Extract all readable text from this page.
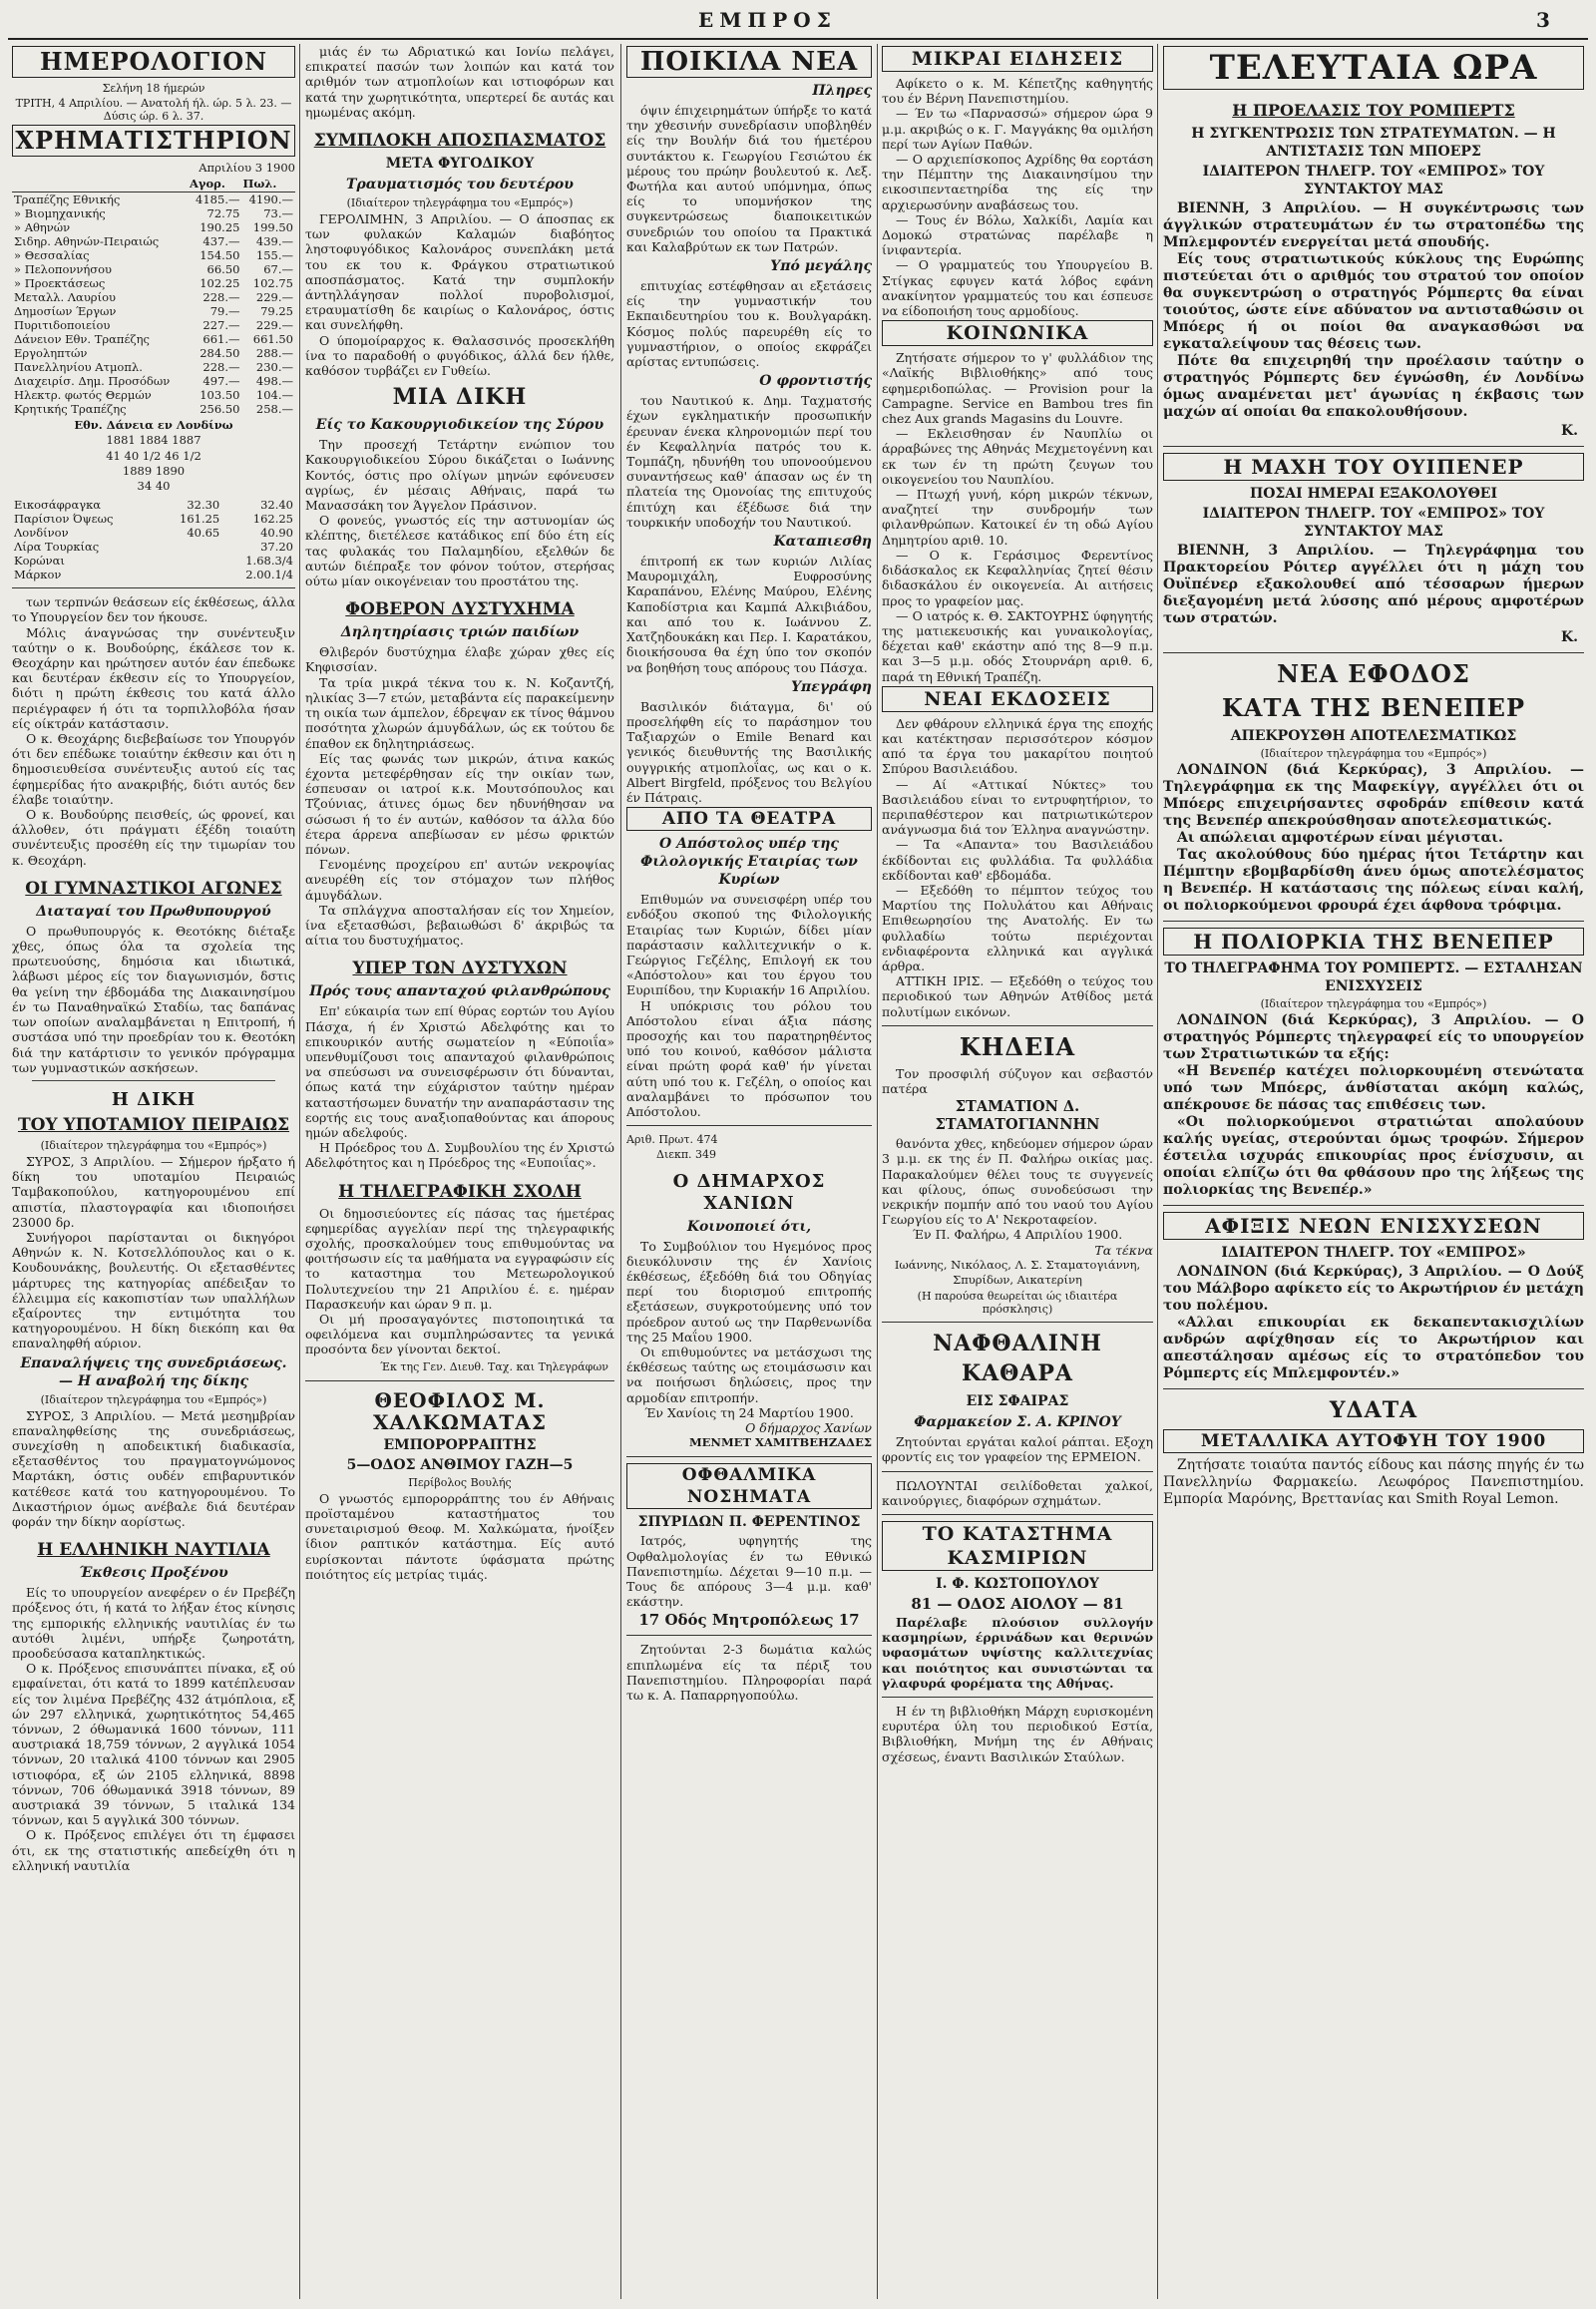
ΕΜΠΡΟΣ	3
ΗΜΕΡΟΛΟΓΙΟΝ
Σελήνη 18 ήμερών
ΤΡΙΤΗ, 4 Απριλίου. — Ανατολή ήλ. ώρ. 5 λ. 23. — Δύσις ώρ. 6 λ. 37.
ΧΡΗΜΑΤΙΣΤΗΡΙΟΝ
Απριλίου 3 1900
	Αγορ.	Πωλ.
Τραπέζης Εθνικής	4185.—	4190.—
» Βιομηχανικής	72.75	73.—
» Αθηνών	190.25	199.50
Σιδηρ. Αθηνών-Πειραιώς	437.—	439.—
» Θεσσαλίας	154.50	155.—
» Πελοποννήσου	66.50	67.—
» Προεκτάσεως	102.25	102.75
Μεταλλ. Λαυρίου	228.—	229.—
Δημοσίων Έργων	79.—	79.25
Πυριτιδοποιείου	227.—	229.—
Δάνειον Εθν. Τραπέζης	661.—	661.50
Εργοληπτών	284.50	288.—
Πανελληνίου Ατμοπλ.	228.—	230.—
Διαχειρίσ. Δημ. Προσόδων	497.—	498.—
Ηλεκτρ. φωτός Θερμών	103.50	104.—
Κρητικής Τραπέζης	256.50	258.—
Εθν. Δάνεια εν Λονδίνω
1881 1884 1887
41 40 1/2 46 1/2
1889 1890
34 40
Εικοσάφραγκα	32.30	32.40
Παρίσιον Όψεως	161.25	162.25
Λονδίνον	40.65	40.90
Λίρα Τουρκίας		37.20
Κορώναι		1.68.3/4
Μάρκον		2.00.1/4

των τερπνών θεάσεων είς έκθέσεως, άλλα το Υπουργείον δεν τον ήκουσε.

Μόλις άναγνώσας την συνέντευξιν ταύτην ο κ. Βουδούρης, έκάλεσε τον κ. Θεοχάρην και ηρώτησεν αυτόν έαν έπεδωκε και δευτέραν έκθεσιν είς το Υπουργείον, διότι η πρώτη έκθεσις του κατά άλλο περιέγραφεν ή ότι τα τορπιλλοβόλα ήσαν είς οίκτράν κατάστασιν.

Ο κ. Θεοχάρης διεβεβαίωσε τον Υπουργόν ότι δεν επέδωκε τοιαύτην έκθεσιν και ότι η δημοσιευθείσα συνέντευξις αυτού είς τας έφημερίδας ήτο ανακριβής, διότι αυτός δεν έλαβε τοιαύτην.

Ο κ. Βουδούρης πεισθείς, ώς φρονεί, και άλλοθεν, ότι πράγματι έξέδη τοιαύτη συνέντευξις προσέθη είς την τιμωρίαν του κ. Θεοχάρη.

ΟΙ ΓΥΜΝΑΣΤΙΚΟΙ ΑΓΩΝΕΣ
Διαταγαί του Πρωθυπουργού

Ο πρωθυπουργός κ. Θεοτόκης διέταξε χθες, όπως όλα τα σχολεία της πρωτευούσης, δημόσια και ιδιωτικά, λάβωσι μέρος είς τον διαγωνισμόν, δστις θα γείνη την έβδομάδα της Διακαινησίμου έν τω Παναθηναϊκώ Σταδίω, τας δαπάνας των οποίων αναλαμβάνεται η Επιτροπή, ή συστάσα υπό την προεδρίαν του κ. Θεοτόκη διά την κατάρτισιν το γενικόν πρόγραμμα των γυμναστικών ασκήσεων.

Η ΔΙΚΗ
ΤΟΥ ΥΠΟΤΑΜΙΟΥ ΠΕΙΡΑΙΩΣ
(Ιδιαίτερον τηλεγράφημα του «Εμπρός»)

ΣΥΡΟΣ, 3 Απριλίου. — Σήμερον ήρξατο ή δίκη του υποταμίου Πειραιώς Ταμβακοπούλου, κατηγορουμένου επί απιστία, πλαστογραφία και ιδιοποιήσει 23000 δρ.

Συνήγοροι παρίστανται οι δικηγόροι Αθηνών κ. Ν. Κοτσελλόπουλος και ο κ. Κουδουνάκης, βουλευτής. Οι εξετασθέντες μάρτυρες της κατηγορίας απέδειξαν το έλλειμμα είς κακοπιστίαν των υπαλλήλων εξαίροντες την εντιμότητα του κατηγορουμένου. Η δίκη διεκόπη και θα επαναληφθή αύριον.

Επαναλήψεις της συνεδριάσεως. — Η αναβολή της δίκης
(Ιδιαίτερον τηλεγράφημα του «Εμπρός»)

ΣΥΡΟΣ, 3 Απριλίου. — Μετά μεσημβρίαν επαναληφθείσης της συνεδριάσεως, συνεχίσθη η αποδεικτική διαδικασία, εξετασθέντος του πραγματογνώμονος Μαρτάκη, όστις ουδέν επιβαρυντικόν κατέθεσε κατά του κατηγορουμένου. Το Δικαστήριον όμως ανέβαλε διά δευτέραν φοράν την δίκην αορίστως.

Η ΕΛΛΗΝΙΚΗ ΝΑΥΤΙΛΙΑ
Έκθεσις Προξένου

Είς το υπουργείον ανεφέρεν ο έν Πρεβέζη πρόξενος ότι, ή κατά το λήξαν έτος κίνησις της εμπορικής ελληνικής ναυτιλίας έν τω αυτόθι λιμένι, υπήρξε ζωηροτάτη, προοδεύσασα καταπληκτικώς.

Ο κ. Πρόξενος επισυνάπτει πίνακα, εξ ού εμφαίνεται, ότι κατά το 1899 κατέπλευσαν είς τον λιμένα Πρεβέζης 432 άτμόπλοια, εξ ών 297 ελληνικά, χωρητικότητος 54,465 τόννων, 2 όθωμανικά 1600 τόννων, 111 αυστριακά 18,759 τόννων, 2 αγγλικά 1054 τόννων, 20 ιταλικά 4100 τόννων και 2905 ιστιοφόρα, εξ ών 2105 ελληνικά, 8898 τόννων, 706 όθωμανικά 3918 τόννων, 89 αυστριακά 39 τόννων, 5 ιταλικά 134 τόννων, και 5 αγγλικά 300 τόννων.

Ο κ. Πρόξενος επιλέγει ότι τη έμφασει ότι, εκ της στατιστικής απεδείχθη ότι η ελληνική ναυτιλία

μιάς έν τω Αδριατικώ και Ιονίω πελάγει, επικρατεί πασών των λοιπών και κατά τον αριθμόν των ατμοπλοίων και ιστιοφόρων και κατά την χωρητικότητα, υπερτερεί δε αυτάς και ημωμένας ακόμη.

ΣΥΜΠΛΟΚΗ ΑΠΟΣΠΑΣΜΑΤΟΣ
ΜΕΤΑ ΦΥΓΟΔΙΚΟΥ
Τραυματισμός του δευτέρου
(Ιδιαίτερον τηλεγράφημα του «Εμπρός»)

ΓΕΡΟΛΙΜΗΝ, 3 Απριλίου. — Ο άποσπας εκ των φυλακών Καλαμών διαβόητος ληστοφυγόδικος Καλονάρος συνεπλάκη μετά του εκ του κ. Φράγκου στρατιωτικού αποσπάσματος. Κατά την συμπλοκήν άντηλλάγησαν πολλοί πυροβολισμοί, ετραυματίσθη δε καιρίως ο Καλονάρος, όστις και συνελήφθη.

Ο ύπομοίραρχος κ. Θαλασσινός προσεκλήθη ίνα το παραδοθή ο φυγόδικος, άλλά δεν ήλθε, καθόσον τυρβάζει εν Γυθείω.

ΜΙΑ ΔΙΚΗ
Είς το Κακουργιοδικείον της Σύρου

Την προσεχή Τετάρτην ενώπιον του Κακουργιοδικείου Σύρου δικάζεται ο Ιωάννης Κοντός, όστις προ ολίγων μηνών εφόνευσεν αγρίως, έν μέσαις Αθήναις, παρά τω Μανασσάκη τον Άγγελον Πράσινον.

Ο φονεύς, γνωστός είς την αστυνομίαν ώς κλέπτης, διετέλεσε κατάδικος επί δύο έτη είς τας φυλακάς του Παλαμηδίου, εξελθών δε αυτών διέπραξε τον φόνον τούτον, στερήσας ούτω μίαν οικογένειαν του προστάτου της.

ΦΟΒΕΡΟΝ ΔΥΣΤΥΧΗΜΑ
Δηλητηρίασις τριών παιδίων

Θλιβερόν δυστύχημα έλαβε χώραν χθες είς Κηφισσίαν.

Τα τρία μικρά τέκνα του κ. Ν. Κοζαντζή, ηλικίας 3—7 ετών, μεταβάντα είς παρακείμενην τη οικία των άμπελον, έδρεψαν εκ τίνος θάμνου ποσότητα χλωρών άμυγδάλων, ώς εκ τούτου δε έπαθον εκ δηλητηριάσεως.

Είς τας φωνάς των μικρών, άτινα κακώς έχοντα μετεφέρθησαν είς την οικίαν των, έσπευσαν οι ιατροί κ.κ. Μουτσόπουλος και Τζούνιας, άτινες όμως δεν ηδυνήθησαν να σώσωσι ή το έν αυτών, καθόσον τα άλλα δύο έτερα άρρενα απεβίωσαν εν μέσω φρικτών πόνων.

Γενομένης προχείρου επ' αυτών νεκροψίας ανευρέθη είς τον στόμαχον των πλήθος άμυγδάλων.

Τα σπλάγχνα αποσταλήσαν είς τον Χημείον, ίνα εξετασθώσι, βεβαιωθώσι δ' άκριβώς τα αίτια του δυστυχήματος.

ΥΠΕΡ ΤΩΝ ΔΥΣΤΥΧΩΝ
Πρός τους απανταχού φιλανθρώπους

Επ' εύκαιρία των επί θύρας εορτών του Αγίου Πάσχα, ή έν Χριστώ Αδελφότης και το επικουρικόν αυτής σωματείον η «Εύποιΐα» υπενθυμίζουσι τοις απανταχού φιλανθρώποις να σπεύσωσι να συνεισφέρωσιν ότι δύνανται, όπως κατά την εύχάριστον ταύτην ημέραν καταστήσωμεν δυνατήν την αναπαράστασιν της εορτής εις τους αναξιοπαθούντας και άπορους ημών αδελφούς.

Η Πρόεδρος του Δ. Συμβουλίου της έν Χριστώ Αδελφότητος και η Πρόεδρος της «Ευποιΐας».

Η ΤΗΛΕΓΡΑΦΙΚΗ ΣΧΟΛΗ

Οι δημοσιεύοντες είς πάσας τας ήμετέρας εφημερίδας αγγελίαν περί της τηλεγραφικής σχολής, προσκαλούμεν τους επιθυμούντας να φοιτήσωσιν είς τα μαθήματα να εγγραφώσιν είς το καταστημα του Μετεωρολογικού Πολυτεχνείου την 21 Απριλίου έ. ε. ημέραν Παρασκευήν και ώραν 9 π. μ.

Οι μή προσαγαγόντες πιστοποιητικά τα οφειλόμενα και συμπληρώσαντες τα γενικά προσόντα δεν γίνονται δεκτοί.

Έκ της Γεν. Διευθ. Ταχ. και Τηλεγράφων
ΘΕΟΦΙΛΟΣ Μ. ΧΑΛΚΩΜΑΤΑΣ
ΕΜΠΟΡΟΡΡΑΠΤΗΣ
5—ΟΔΟΣ ΑΝΘΙΜΟΥ ΓΑΖΗ—5
Περίβολος Βουλής

Ο γνωστός εμπορορράπτης του έν Αθήναις προϊσταμένου καταστήματος του συνεταιρισμού Θεοφ. Μ. Χαλκώματα, ήνοίξεν ίδιον ραπτικόν κατάστημα. Είς αυτό ευρίσκονται πάντοτε ύφάσματα πρώτης ποιότητος είς μετρίας τιμάς.

ΠΟΙΚΙΛΑ ΝΕΑ
Πληρες

όψιν έπιχειρημάτων ύπήρξε το κατά την χθεσινήν συνεδρίασιν υποβληθέν είς την Βουλήν διά του ήμετέρου συντάκτου κ. Γεωργίου Γεσιώτου έκ μέρους του πρώην βουλευτού κ. Λεξ. Φωτήλα και αυτού υπόμνημα, όπως είς το υπομνήσκον της συγκεντρώσεως διαποικειτικών συνεδριών του οποίου τα Πρακτικά και Καλαβρύτων εκ των Πατρών.

Υπό μεγάλης

επιτυχίας εστέφθησαν αι εξετάσεις είς την γυμναστικήν του Εκπαιδευτηρίου του κ. Βουλγαράκη. Κόσμος πολύς παρευρέθη είς το γυμναστήριον, ο οποίος εκφράζει αρίστας εντυπώσεις.

Ο φροντιστής

του Ναυτικού κ. Δημ. Ταχματσής έχων εγκληματικήν προσωπικήν έρευναν ένεκα κληρονομιών περί του έν Κεφαλληνία πατρός του κ. Τομπάζη, ηδυνήθη του υπονοούμενου συναντήσεως καθ' άπασαν ως έν τη πλατεία της Ομονοίας της επιτυχούς έπιτύχη και έξέδωσε διά την τουρκικήν υποδοχήν του Ναυτικού.

Καταπιεσθη

έπιτροπή εκ των κυριών Λιλίας Μαυρομιχάλη, Ευφροσύνης Καραπάνου, Ελένης Μαύρου, Ελένης Καποδίστρια και Καμπά Αλκιβιάδου, και από του κ. Ιωάννου Ζ. Χατζηδουκάκη και Περ. Ι. Καρατάκου, διοικήσουσα θα έχη ύπο τον σκοπόν να βοηθήση τους απόρους του Πάσχα.

Υπεγράφη

Βασιλικόν διάταγμα, δι' ού προσελήφθη είς το παράσημον του Ταξιαρχών ο Emile Benard και γενικός διευθυντής της Βασιλικής ουγγρικής ατμοπλοΐας, ως και ο κ. Albert Birgfeld, πρόξενος του Βελγίου έν Πάτραις.

ΑΠΟ ΤΑ ΘΕΑΤΡΑ
Ο Απόστολος υπέρ της Φιλολογικής Εταιρίας των Κυρίων

Επιθυμών να συνεισφέρη υπέρ του ενδόξου σκοπού της Φιλολογικής Εταιρίας των Κυριών, δίδει μίαν παράστασιν καλλιτεχνικήν ο κ. Γεώργιος Γεζέλης, Επιλογή εκ του «Απόστολου» και του έργου του Ευριπίδου, την Κυριακήν 16 Απριλίου.

Η υπόκρισις του ρόλου του Απόστολου είναι άξια πάσης προσοχής και του παρατηρηθέντος υπό του κοινού, καθόσον μάλιστα είναι πρώτη φορά καθ' ήν γίνεται αύτη υπό του κ. Γεζέλη, ο οποίος και αναλαμβάνει το πρόσωπον του Απόστολου.

Αριθ. Πρωτ. 474
Διεκπ. 349
Ο ΔΗΜΑΡΧΟΣ ΧΑΝΙΩΝ
Κοινοποιεί ότι,

Το Συμβούλιον του Ηγεμόνος προς διευκόλυνσιν της έν Χανίοις έκθέσεως, έξεδόθη διά του Οδηγίας περί του διορισμού επιτροπής εξετάσεων, συγκροτούμενης υπό τον πρόεδρον αυτού ως την Παρθενωνίδα της 25 Μαΐου 1900.

Οι επιθυμούντες να μετάσχωσι της έκθέσεως ταύτης ως ετοιμάσωσιν και να ποιήσωσι δηλώσεις, προς την αρμοδίαν επιτροπήν.

Έν Χανίοις τη 24 Μαρτίου 1900.
Ο δήμαρχος Χανίων
ΜΕΝΜΕΤ ΧΑΜΙΤΒΕΗΖΑΔΕΣ
ΟΦΘΑΛΜΙΚΑ ΝΟΣΗΜΑΤΑ
ΣΠΥΡΙΔΩΝ Π. ΦΕΡΕΝΤΙΝΟΣ

Ιατρός, υφηγητής της Οφθαλμολογίας έν τω Εθνικώ Πανεπιστημίω. Δέχεται 9—10 π.μ. — Τους δε απόρους 3—4 μ.μ. καθ' εκάστην.

17 Οδός Μητροπόλεως 17

Ζητούνται 2-3 δωμάτια καλώς επιπλωμένα είς τα πέριξ του Πανεπιστημίου. Πληροφορίαι παρά τω κ. Α. Παπαρρηγοπούλω.

ΜΙΚΡΑΙ ΕΙΔΗΣΕΙΣ

Αφίκετο ο κ. Μ. Κέπετζης καθηγητής του έν Βέρνη Πανεπιστημίου.

— Έν τω «Παρνασσώ» σήμερον ώρα 9 μ.μ. ακριβώς ο κ. Γ. Μαγγάκης θα ομιλήση περί των Αγίων Παθών.

— Ο αρχιεπίσκοπος Αχρίδης θα εορτάση την Πέμπτην της Διακαινησίμου την εικοσιπενταετηρίδα της είς την αρχιερωσύνην αναβάσεως του.

— Τους έν Βόλω, Χαλκίδι, Λαμία και Δομοκώ στρατώνας παρέλαβε η ίνιφαντερία.

— Ο γραμματεύς του Υπουργείου Β. Στίγκας εφυγεν κατά λόβος εφάνη ανακίνητον γραμματεύς του και έσπευσε να είδοποιήση τους αρμοδίους.

ΚΟΙΝΩΝΙΚΑ

Ζητήσατε σήμερον το γ' φυλλάδιον της «Λαϊκής Βιβλιοθήκης» από τους εφημεριδοπώλας. — Provision pour la Campagne. Service en Bambou tres fin chez Aux grands Magasins du Louvre.

— Εκλεισθησαν έν Ναυπλίω οι άρραβώνες της Αθηνάς Μεχμετογέννη και εκ των έν τη πρώτη ζευγων του οικογενείου του Ναυπλίου.

— Πτωχή γυνή, κόρη μικρών τέκνων, αναζητεί την συνδρομήν των φιλανθρώπων. Κατοικεί έν τη οδώ Αγίου Δημητρίου αριθ. 10.

— Ο κ. Γεράσιμος Φερεντίνος διδάσκαλος εκ Κεφαλληνίας ζητεί θέσιν διδασκάλου έν οικογενεία. Αι αιτήσεις προς το γραφείον μας.

— Ο ιατρός κ. Θ. ΣΑΚΤΟΥΡΗΣ ύφηγητής της ματιεκευσικής και γυναικολογίας, δέχεται καθ' εκάστην από της 8—9 π.μ. και 3—5 μ.μ. οδός Στουρνάρη αριθ. 6, παρά τη Εθνική Τραπέζη.

ΝΕΑΙ ΕΚΔΟΣΕΙΣ

Δεν φθάρουν ελληνικά έργα της εποχής και κατέκτησαν περισσότερον κόσμον από τα έργα του μακαρίτου ποιητού Σπύρου Βασιλειάδου.

— Αί «Αττικαί Νύκτες» του Βασιλειάδου είναι το εντρυφητήριον, το περιπαθέστερον και πατριωτικώτερον ανάγνωσμα διά τον Έλληνα αναγνώστην.

— Τα «Απαντα» του Βασιλειάδου έκδίδονται εις φυλλάδια. Τα φυλλάδια εκδίδονται καθ' εβδομάδα.

— Εξεδόθη το πέμπτον τεύχος του Μαρτίου της Πολυλάτου και Αθήναις Επιθεωρησίου της Ανατολής. Εν τω φυλλαδίω τούτω περιέχονται ενδιαφέροντα ελληνικά και αγγλικά άρθρα.

ΑΤΤΙΚΗ ΙΡΙΣ. — Εξεδόθη ο τεύχος του περιοδικού των Αθηνών Ατθίδος μετά πολυτίμων εικόνων.

ΚΗΔΕΙΑ

Τον προσφιλή σύζυγον και σεβαστόν πατέρα

ΣΤΑΜΑΤΙΟΝ Δ. ΣΤΑΜΑΤΟΓΙΑΝΝΗΝ

θανόντα χθες, κηδεύομεν σήμερον ώραν 3 μ.μ. εκ της έν Π. Φαλήρω οικίας μας. Παρακαλούμεν θέλει τους τε συγγενείς και φίλους, όπως συνοδεύσωσι την νεκρικήν πομπήν από του ναού του Αγίου Γεωργίου είς το Α' Νεκροταφείον.

Έν Π. Φαλήρω, 4 Απριλίου 1900.
Τα τέκνα
Ιωάννης, Νικόλαος, Λ. Σ. Σταματογιάννη, Σπυρίδων, Αικατερίνη
(Η παρούσα θεωρείται ώς ιδιαιτέρα πρόσκλησις)
ΝΑΦΘΑΛΙΝΗ ΚΑΘΑΡΑ
ΕΙΣ ΣΦΑΙΡΑΣ
Φαρμακείον Σ. Α. ΚΡΙΝΟΥ

Ζητούνται εργάται καλοί ράπται. Εξοχη φροντίς εις τον γραφείον της ΕΡΜΕΙΟΝ.

ΠΩΛΟΥΝΤΑΙ σειλίδοθεται χαλκοί, καινούργιες, διαφόρων σχημάτων.

ΤΟ ΚΑΤΑΣΤΗΜΑ ΚΑΣΜΙΡΙΩΝ
Ι. Φ. ΚΩΣΤΟΠΟΥΛΟΥ
81 — ΟΔΟΣ ΑΙΟΛΟΥ — 81

Παρέλαβε πλούσιον συλλογήν κασμηρίων, έρρινάδων και θερινών υφασμάτων υψίστης καλλιτεχνίας και ποιότητος και συνιστώνται τα γλαφυρά φορέματα της Αθήνας.

Η έν τη βιβλιοθήκη Μάρχη ευρισκομένη ευρυτέρα ύλη του περιοδικού Εστία, Βιβλιοθήκη, Μνήμη της έν Αθήναις σχέσεως, έναντι Βασιλικών Σταύλων.

ΤΕΛΕΥΤΑΙΑ ΩΡΑ
Η ΠΡΟΕΛΑΣΙΣ ΤΟΥ ΡΟΜΠΕΡΤΣ
Η ΣΥΓΚΕΝΤΡΩΣΙΣ ΤΩΝ ΣΤΡΑΤΕΥΜΑΤΩΝ. — Η ΑΝΤΙΣΤΑΣΙΣ ΤΩΝ ΜΠΟΕΡΣ
ΙΔΙΑΙΤΕΡΟΝ ΤΗΛΕΓΡ. ΤΟΥ «ΕΜΠΡΟΣ» ΤΟΥ ΣΥΝΤΑΚΤΟΥ ΜΑΣ

ΒΙΕΝΝΗ, 3 Απριλίου. — Η συγκέντρωσις των άγγλικών στρατευμάτων έν τω στρατοπέδω της Μπλεμφοντέν ενεργείται μετά σπουδής.

Είς τους στρατιωτικούς κύκλους της Ευρώπης πιστεύεται ότι ο αριθμός του στρατού τον οποίον θα συγκεντρώση ο στρατηγός Ρόμπερτς θα είναι τοιούτος, ώστε είνε αδύνατον να αντισταθώσιν οι Μπόερς ή οι ποίοι θα αναγκασθώσι να εγκαταλείψουν τας θέσεις των.

Πότε θα επιχειρηθή την προέλασιν ταύτην ο στρατηγός Ρόμπερτς δεν έγνώσθη, έν Λονδίνω όμως αναμένεται μετ' άγωνίας η έκβασις των μαχών αί οποίαι θα επακολουθήσουν.

Κ.
Η ΜΑΧΗ ΤΟΥ ΟΥΙΠΕΝΕΡ
ΠΟΣΑΙ ΗΜΕΡΑΙ ΕΞΑΚΟΛΟΥΘΕΙ
ΙΔΙΑΙΤΕΡΟΝ ΤΗΛΕΓΡ. ΤΟΥ «ΕΜΠΡΟΣ» ΤΟΥ ΣΥΝΤΑΚΤΟΥ ΜΑΣ

ΒΙΕΝΝΗ, 3 Απριλίου. — Τηλεγράφημα του Πρακτορείου Ρόιτερ αγγέλλει ότι η μάχη του Ουϊπένερ εξακολουθεί από τέσσαρων ήμερων διεξαγομένη μετά λύσσης από μέρους αμφοτέρων των στρατών.

Κ.
ΝΕΑ ΕΦΟΔΟΣ
ΚΑΤΑ ΤΗΣ ΒΕΝΕΠΕΡ
ΑΠΕΚΡΟΥΣΘΗ ΑΠΟΤΕΛΕΣΜΑΤΙΚΩΣ
(Ιδιαίτερον τηλεγράφημα του «Εμπρός»)

ΛΟΝΔΙΝΟΝ (διά Κερκύρας), 3 Απριλίου. — Τηλεγράφημα εκ της Μαφεκίγγ, αγγέλλει ότι οι Μπόερς επιχειρήσαντες σφοδράν επίθεσιν κατά της Βενεπέρ απεκρούσθησαν αποτελεσματικώς.

Αι απώλειαι αμφοτέρων είναι μέγισται.

Τας ακολούθους δύο ημέρας ήτοι Τετάρτην και Πέμπτην εβομβαρδίσθη άνευ όμως αποτελέσματος η Βενεπέρ. Η κατάστασις της πόλεως είναι καλή, οι πολιορκούμενοι φρουρά έχει άφθονα τρόφιμα.

Η ΠΟΛΙΟΡΚΙΑ ΤΗΣ ΒΕΝΕΠΕΡ
ΤΟ ΤΗΛΕΓΡΑΦΗΜΑ ΤΟΥ ΡΟΜΠΕΡΤΣ. — ΕΣΤΑΛΗΣΑΝ ΕΝΙΣΧΥΣΕΙΣ
(Ιδιαίτερον τηλεγράφημα του «Εμπρός»)

ΛΟΝΔΙΝΟΝ (διά Κερκύρας), 3 Απριλίου. — Ο στρατηγός Ρόμπερτς τηλεγραφεί είς το υπουργείον των Στρατιωτικών τα εξής:

«Η Βενεπέρ κατέχει πολιορκουμένη στενώτατα υπό των Μπόερς, άνθίσταται ακόμη καλώς, απέκρουσε δε πάσας τας επιθέσεις των.

«Οι πολιορκούμενοι στρατιώται απολαύουν καλής υγείας, στερούνται όμως τροφών. Σήμερον έστειλα ισχυράς επικουρίας προς ένίσχυσιν, αι οποίαι ελπίζω ότι θα φθάσουν προ της λήξεως της πολιορκίας της Βενεπέρ.»

ΑΦΙΞΙΣ ΝΕΩΝ ΕΝΙΣΧΥΣΕΩΝ
ΙΔΙΑΙΤΕΡΟΝ ΤΗΛΕΓΡ. ΤΟΥ «ΕΜΠΡΟΣ»

ΛΟΝΔΙΝΟΝ (διά Κερκύρας), 3 Απριλίου. — Ο Δούξ του Μάλβορο αφίκετο είς το Ακρωτήριον έν μετάχη του πολέμου.

«Αλλαι επικουρίαι εκ δεκαπεντακισχιλίων ανδρών αφίχθησαν είς το Ακρωτήριον και απεστάλησαν αμέσως είς το στρατόπεδον του Ρόμπερτς είς Μπλεμφοντέν.»

ΥΔΑΤΑ
ΜΕΤΑΛΛΙΚΑ ΑΥΤΟΦΥΗ ΤΟΥ 1900

Ζητήσατε τοιαύτα παντός είδους και πάσης πηγής έν τω Πανελληνίω Φαρμακείω. Λεωφόρος Πανεπιστημίου. Εμπορία Μαρόνης, Βρεττανίας και Smith Royal Lemon.
